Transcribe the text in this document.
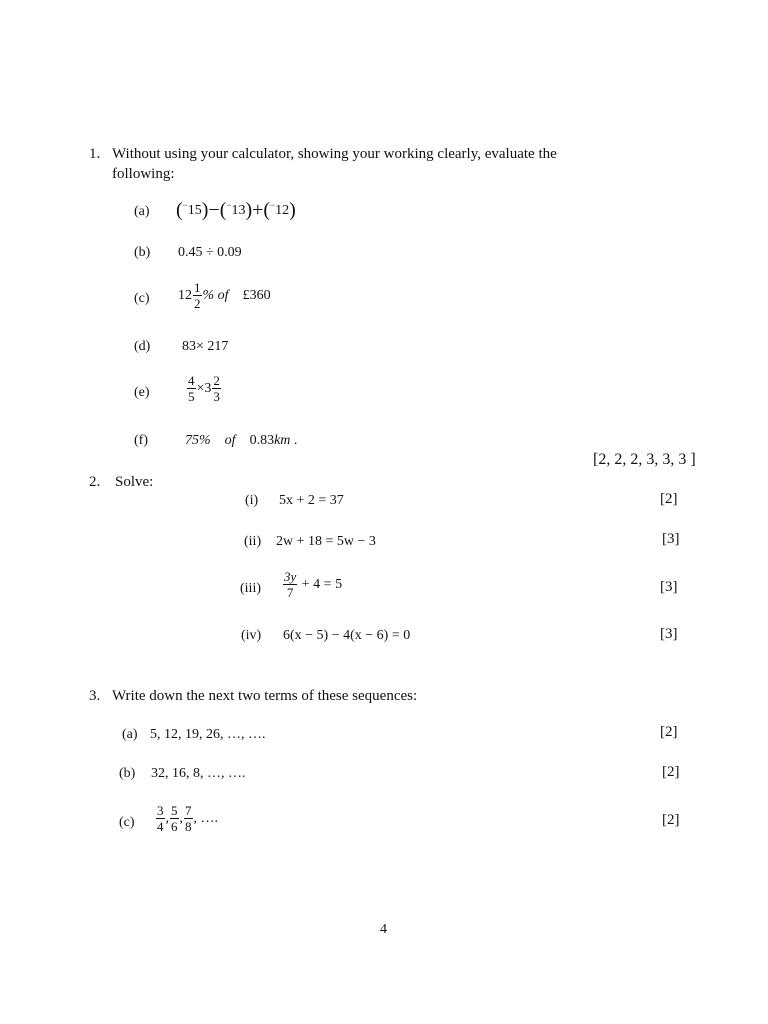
1. Without using your calculator, showing your working clearly, evaluate the
following:
(a) (−15)−(−13)+(−12)
(b) 0.45 ÷ 0.09
(c) $12 \frac{1}{2}$ %
of
£360
(d) 83× 217
(e)	$\frac{4}{5} \times 3 \frac{2}{3}$
(f)	75% of 0.83km .
[2, 2, 2, 3, 3, 3 ]
2. Solve:
(i) 5x + 2 = 37	[2]
(ii) 2w + 18 = 5w − 3	[3]
$(iii) \frac{3y}{7}$
+ 4 = 5	[3]
(iv) 6(x − 5) − 4(x − 6) = 0	[3]
3. Write down the next two terms of these sequences:
(a) 5, 12, 19, 26, …, ….	[2]
(b) 32, 16, 8, …, ….	[2]
$(c) \frac{3}{4}$ , $\frac{5}{6}$ , $\frac{7}{8}$ , ….	[2]
4
